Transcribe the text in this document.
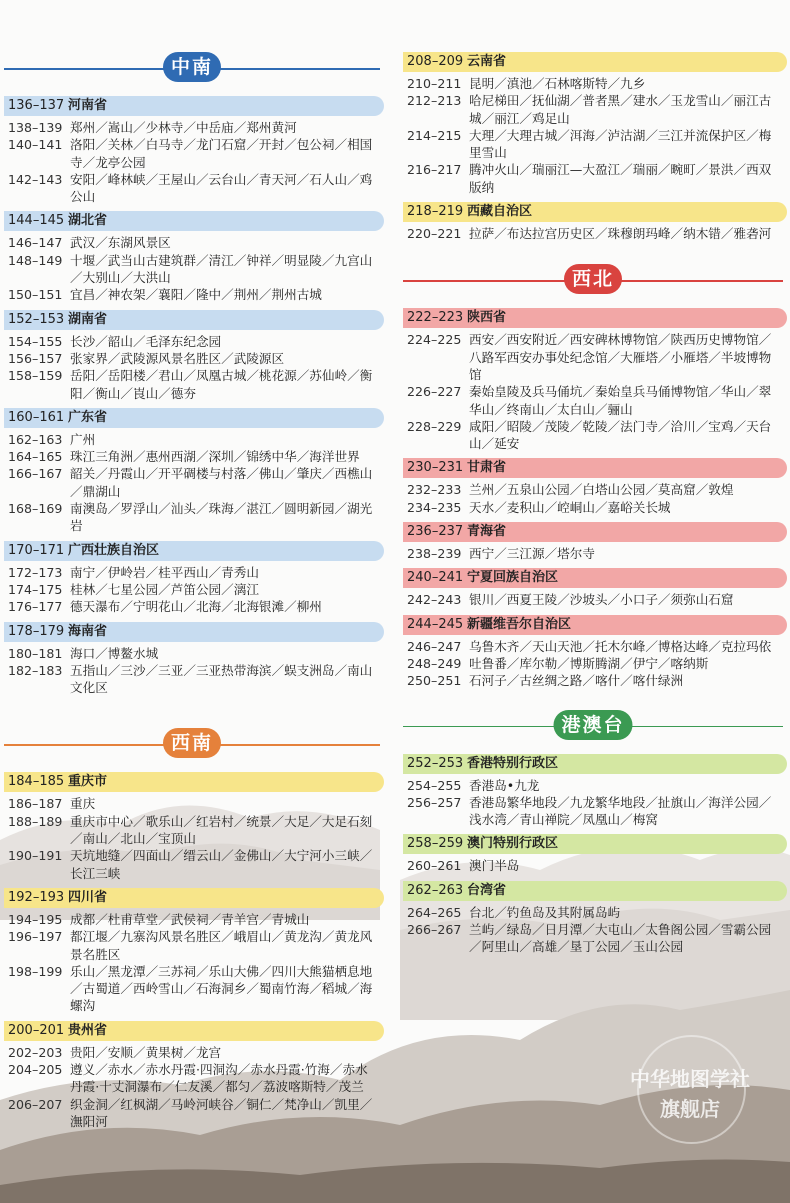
中南
136–137 河南省
138–139 郑州／嵩山／少林寺／中岳庙／郑州黄河
140–141 洛阳／关林／白马寺／龙门石窟／开封／包公祠／相国寺／龙亭公园
142–143 安阳／峰林峡／王屋山／云台山／青天河／石人山／鸡公山
144–145 湖北省
146–147 武汉／东湖风景区
148–149 十堰／武当山古建筑群／清江／钟祥／明显陵／九宫山／大别山／大洪山
150–151 宜昌／神农架／襄阳／隆中／荆州／荆州古城
152–153 湖南省
154–155 长沙／韶山／毛泽东纪念园
156–157 张家界／武陵源风景名胜区／武陵源区
158–159 岳阳／岳阳楼／君山／凤凰古城／桃花源／苏仙岭／衡阳／衡山／崀山／德夯
160–161 广东省
162–163 广州
164–165 珠江三角洲／惠州西湖／深圳／锦绣中华／海洋世界
166–167 韶关／丹霞山／开平碉楼与村落／佛山／肇庆／西樵山／鼎湖山
168–169 南澳岛／罗浮山／汕头／珠海／湛江／圆明新园／湖光岩
170–171 广西壮族自治区
172–173 南宁／伊岭岩／桂平西山／青秀山
174–175 桂林／七星公园／芦笛公园／漓江
176–177 德天瀑布／宁明花山／北海／北海银滩／柳州
178–179 海南省
180–181 海口／博鳌水城
182–183 五指山／三沙／三亚／三亚热带海滨／蜈支洲岛／南山文化区
西南
184–185 重庆市
186–187 重庆
188–189 重庆市中心／歌乐山／红岩村／统景／大足／大足石刻／南山／北山／宝顶山
190–191 天坑地缝／四面山／缙云山／金佛山／大宁河小三峡／长江三峡
192–193 四川省
194–195 成都／杜甫草堂／武侯祠／青羊宫／青城山
196–197 都江堰／九寨沟风景名胜区／峨眉山／黄龙沟／黄龙风景名胜区
198–199 乐山／黑龙潭／三苏祠／乐山大佛／四川大熊猫栖息地／古蜀道／西岭雪山／石海洞乡／蜀南竹海／稻城／海螺沟
200–201 贵州省
202–203 贵阳／安顺／黄果树／龙宫
204–205 遵义／赤水／赤水丹霞·四洞沟／赤水丹霞·竹海／赤水丹霞·十丈洞瀑布／仁友溪／都匀／荔波喀斯特／茂兰
206–207 织金洞／红枫湖／马岭河峡谷／铜仁／梵净山／凯里／潕阳河
208–209 云南省
210–211 昆明／滇池／石林喀斯特／九乡
212–213 哈尼梯田／抚仙湖／普者黑／建水／玉龙雪山／丽江古城／丽江／鸡足山
214–215 大理／大理古城／洱海／泸沽湖／三江并流保护区／梅里雪山
216–217 腾冲火山／瑞丽江—大盈江／瑞丽／畹町／景洪／西双版纳
218–219 西藏自治区
220–221 拉萨／布达拉宫历史区／珠穆朗玛峰／纳木错／雅砻河
西北
222–223 陕西省
224–225 西安／西安附近／西安碑林博物馆／陕西历史博物馆／八路军西安办事处纪念馆／大雁塔／小雁塔／半坡博物馆
226–227 秦始皇陵及兵马俑坑／秦始皇兵马俑博物馆／华山／翠华山／终南山／太白山／骊山
228–229 咸阳／昭陵／茂陵／乾陵／法门寺／洽川／宝鸡／天台山／延安
230–231 甘肃省
232–233 兰州／五泉山公园／白塔山公园／莫高窟／敦煌
234–235 天水／麦积山／崆峒山／嘉峪关长城
236–237 青海省
238–239 西宁／三江源／塔尔寺
240–241 宁夏回族自治区
242–243 银川／西夏王陵／沙坡头／小口子／须弥山石窟
244–245 新疆维吾尔自治区
246–247 乌鲁木齐／天山天池／托木尔峰／博格达峰／克拉玛依
248–249 吐鲁番／库尔勒／博斯腾湖／伊宁／喀纳斯
250–251 石河子／古丝绸之路／喀什／喀什绿洲
港澳台
252–253 香港特别行政区
254–255 香港岛•九龙
256–257 香港岛繁华地段／九龙繁华地段／扯旗山／海洋公园／浅水湾／青山禅院／凤凰山／梅窝
258–259 澳门特别行政区
260–261 澳门半岛
262–263 台湾省
264–265 台北／钓鱼岛及其附属岛屿
266–267 兰屿／绿岛／日月潭／大屯山／太鲁阁公园／雪霸公园／阿里山／高雄／垦丁公园／玉山公园
中华地图学社
旗舰店
